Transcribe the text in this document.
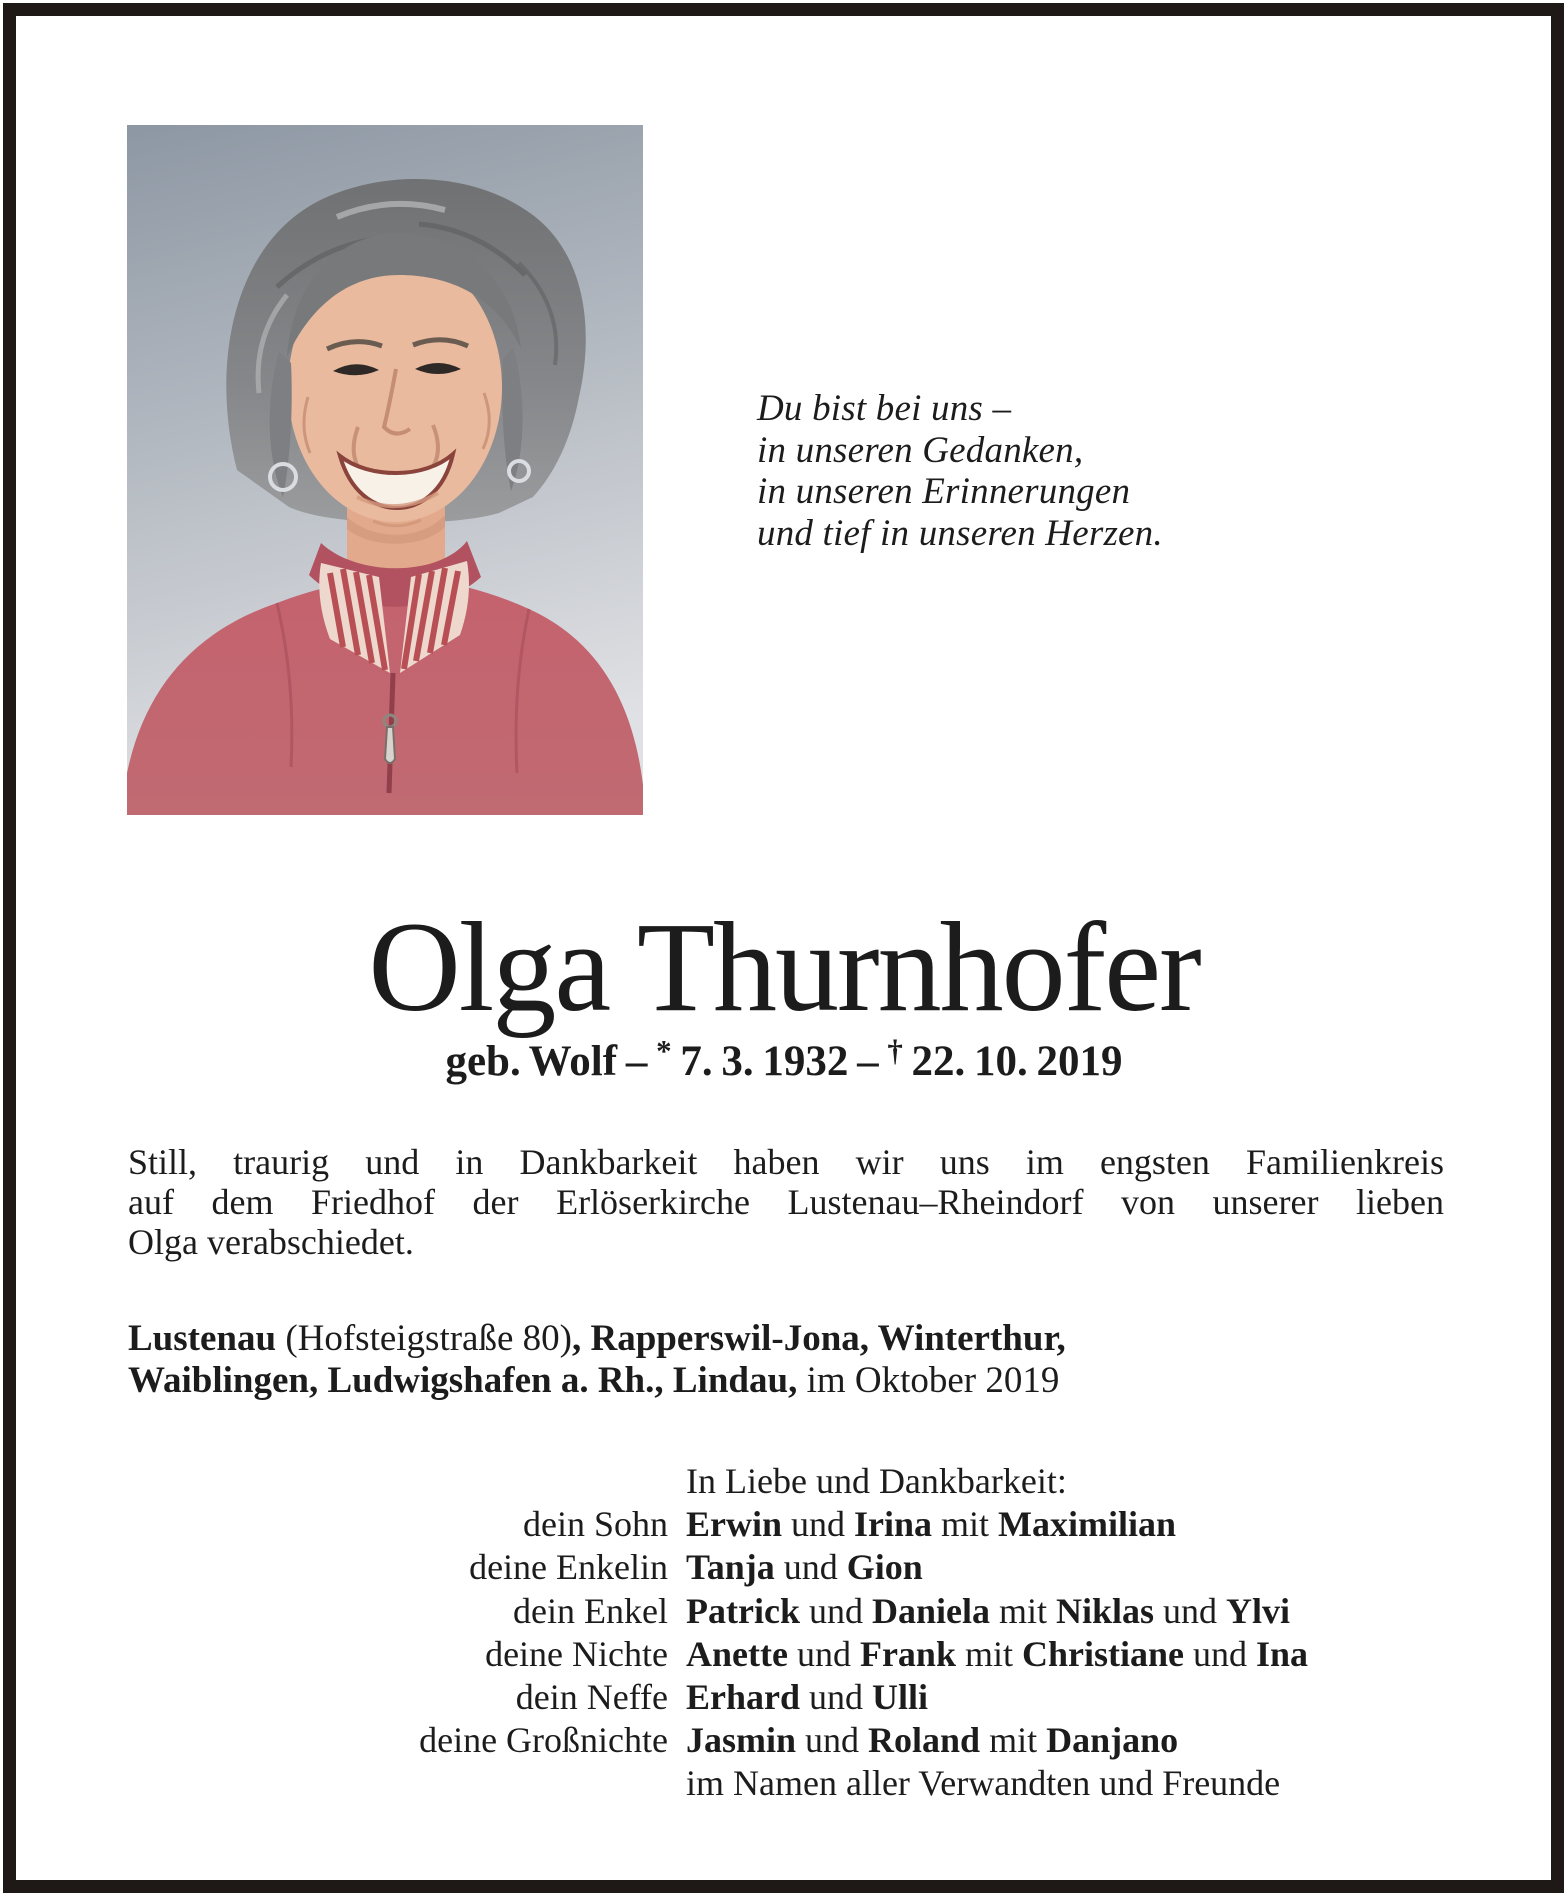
Du bist bei uns –
in unseren Gedanken,
in unseren Erinnerungen
und tief in unseren Herzen.
Olga Thurnhofer
geb. Wolf – * 7. 3. 1932 – † 22. 10. 2019
Still, traurig und in Dankbarkeit haben wir uns im engsten Familienkreis
auf dem Friedhof der Erlöserkirche Lustenau–Rheindorf von unserer lieben
Olga verabschiedet.
Lustenau (Hofsteigstraße 80), Rapperswil-Jona, Winterthur,
Waiblingen, Ludwigshafen a. Rh., Lindau, im Oktober 2019
In Liebe und Dankbarkeit:
dein Sohn Erwin und Irina mit Maximilian
deine Enkelin Tanja und Gion
dein Enkel Patrick und Daniela mit Niklas und Ylvi
deine Nichte Anette und Frank mit Christiane und Ina
dein Neffe Erhard und Ulli
deine Großnichte Jasmin und Roland mit Danjano
im Namen aller Verwandten und Freunde
